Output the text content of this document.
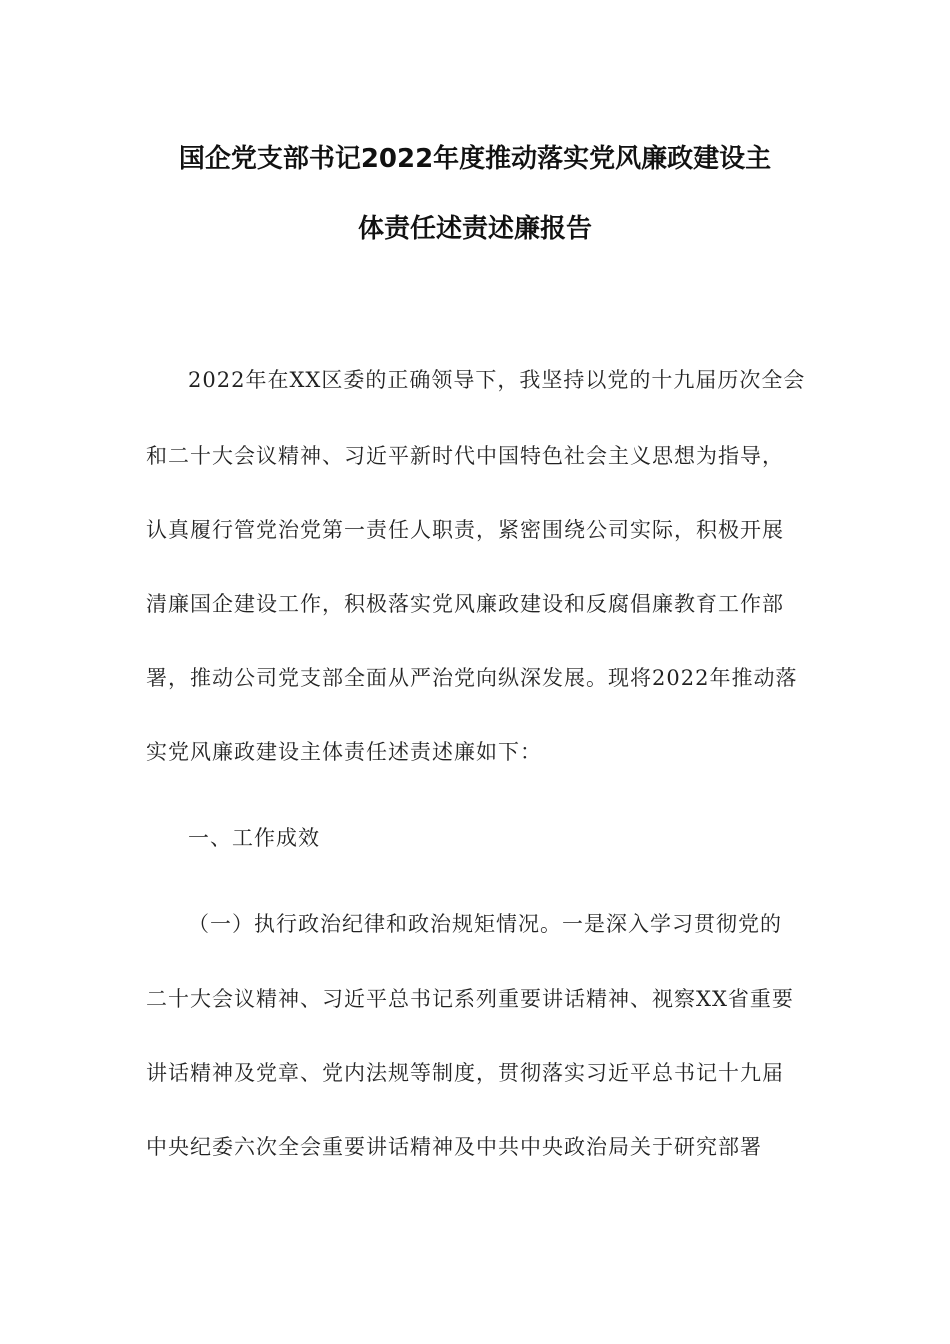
国企党支部书记2022年度推动落实党风廉政建设主
体责任述责述廉报告
2022年在XX区委的正确领导下，我坚持以党的十九届历次全会
和二十大会议精神、习近平新时代中国特色社会主义思想为指导，
认真履行管党治党第一责任人职责，紧密围绕公司实际，积极开展
清廉国企建设工作，积极落实党风廉政建设和反腐倡廉教育工作部
署，推动公司党支部全面从严治党向纵深发展。现将2022年推动落
实党风廉政建设主体责任述责述廉如下：
一、工作成效
（一）执行政治纪律和政治规矩情况。一是深入学习贯彻党的
二十大会议精神、习近平总书记系列重要讲话精神、视察XX省重要
讲话精神及党章、党内法规等制度，贯彻落实习近平总书记十九届
中央纪委六次全会重要讲话精神及中共中央政治局关于研究部署
